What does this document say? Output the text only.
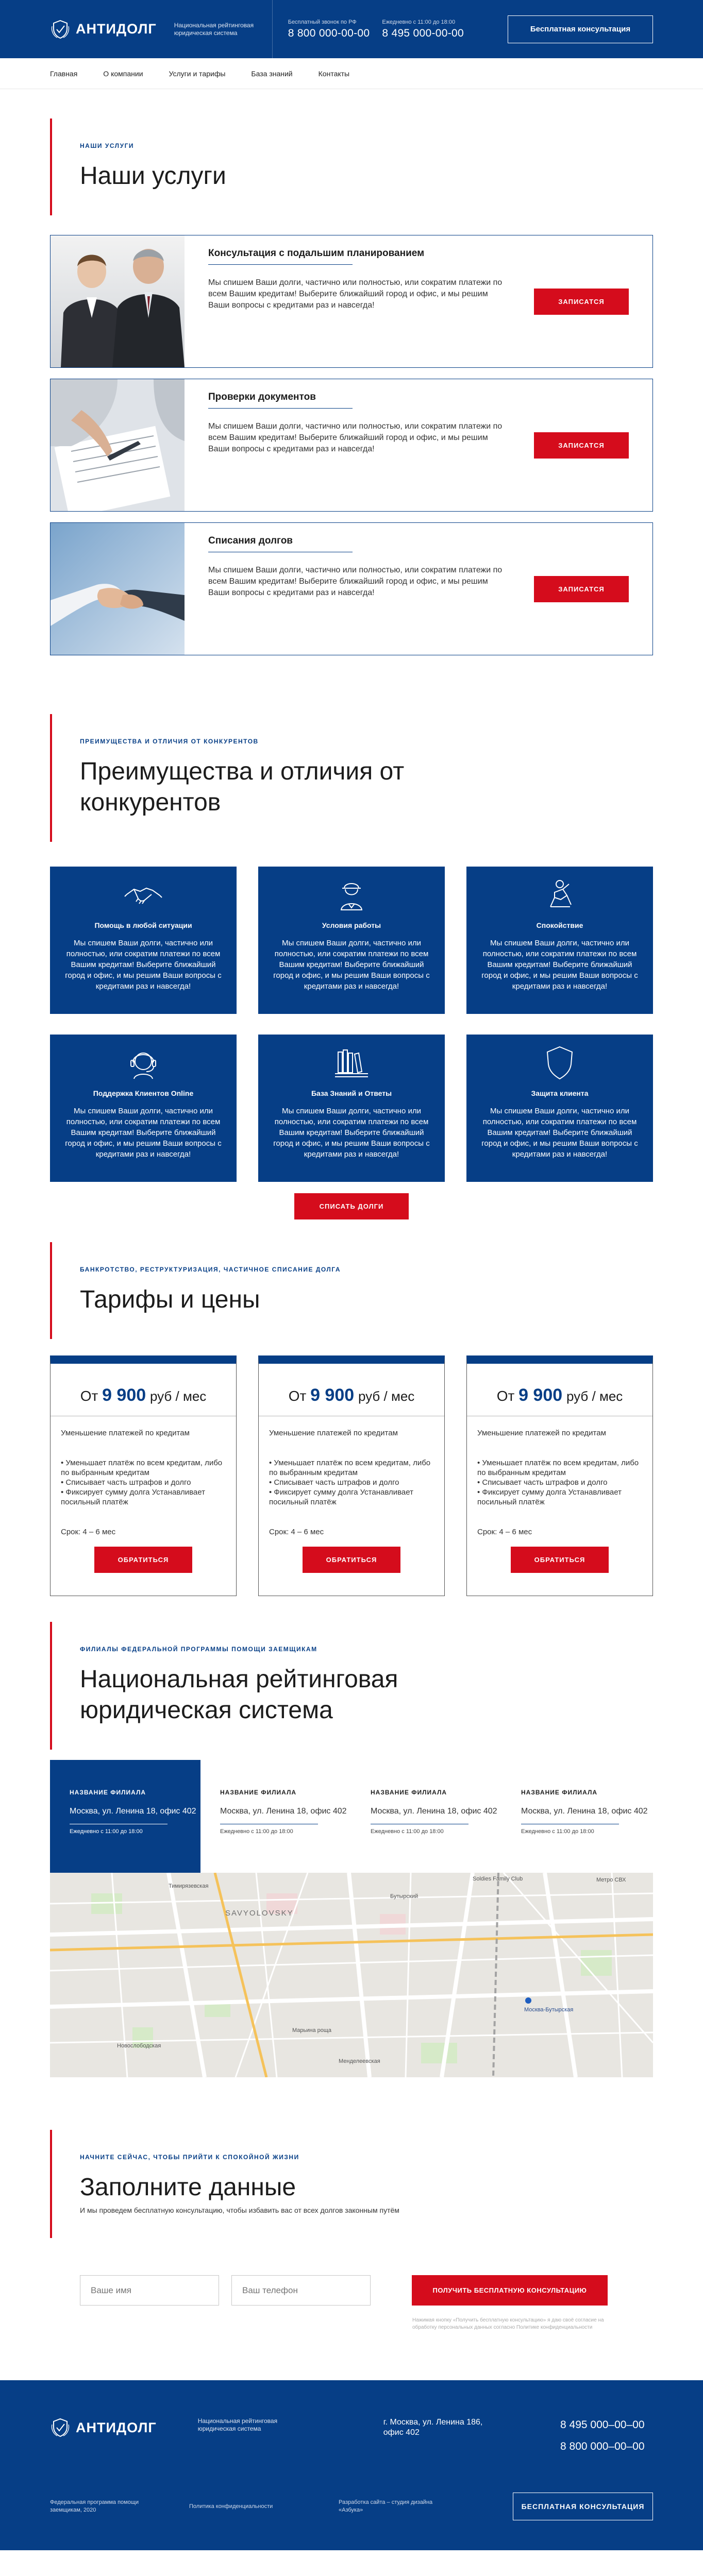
АНТИДОЛГ	Национальная рейтинговая юридическая система
Бесплатный звонок по РФ
8 800 000-00-00
Ежедневно с 11:00 до 18:00
8 495 000-00-00	Бесплатная консультация
Главная	О компании	Услуги и тарифы	База знаний	Контакты
НАШИ УСЛУГИ
Наши услуги
Консультация с подальшим планированием
Мы спишем Ваши долги, частично или полностью, или сократим платежи по всем Вашим кредитам! Выберите ближайший город и офис, и мы решим Ваши вопросы с кредитами раз и навсегда!	ЗАПИСАТСЯ
Проверки документов
Мы спишем Ваши долги, частично или полностью, или сократим платежи по всем Вашим кредитам! Выберите ближайший город и офис, и мы решим Ваши вопросы с кредитами раз и навсегда!	ЗАПИСАТСЯ
Списания долгов
Мы спишем Ваши долги, частично или полностью, или сократим платежи по всем Вашим кредитам! Выберите ближайший город и офис, и мы решим Ваши вопросы с кредитами раз и навсегда!	ЗАПИСАТСЯ
ПРЕИМУЩЕСТВА И ОТЛИЧИЯ ОТ КОНКУРЕНТОВ
Преимущества и отличия от конкурентов
Помощь в любой ситуации
Мы спишем Ваши долги, частично или полностью, или сократим платежи по всем Вашим кредитам! Выберите ближайший город и офис, и мы решим Ваши вопросы с кредитами раз и навсегда!
Условия работы
Мы спишем Ваши долги, частично или полностью, или сократим платежи по всем Вашим кредитам! Выберите ближайший город и офис, и мы решим Ваши вопросы с кредитами раз и навсегда!
Спокойствие
Мы спишем Ваши долги, частично или полностью, или сократим платежи по всем Вашим кредитам! Выберите ближайший город и офис, и мы решим Ваши вопросы с кредитами раз и навсегда!
Поддержка Клиентов Online
Мы спишем Ваши долги, частично или полностью, или сократим платежи по всем Вашим кредитам! Выберите ближайший город и офис, и мы решим Ваши вопросы с кредитами раз и навсегда!
База Знаний и Ответы
Мы спишем Ваши долги, частично или полностью, или сократим платежи по всем Вашим кредитам! Выберите ближайший город и офис, и мы решим Ваши вопросы с кредитами раз и навсегда!
Защита клиента
Мы спишем Ваши долги, частично или полностью, или сократим платежи по всем Вашим кредитам! Выберите ближайший город и офис, и мы решим Ваши вопросы с кредитами раз и навсегда!
СПИСАТЬ ДОЛГИ
БАНКРОТСТВО, РЕСТРУКТУРИЗАЦИЯ, ЧАСТИЧНОЕ СПИСАНИЕ ДОЛГА
Тарифы и цены
От 9 900 руб / мес
Уменьшение платежей по кредитам
• Уменьшает платёж по всем кредитам, либо по выбранным кредитам
• Списывает часть штрафов и долго
• Фиксирует сумму долга Устанавливает посильный платёж
Срок: 4 – 6 мес
ОБРАТИТЬСЯ
От 9 900 руб / мес
Уменьшение платежей по кредитам
• Уменьшает платёж по всем кредитам, либо по выбранным кредитам
• Списывает часть штрафов и долго
• Фиксирует сумму долга Устанавливает посильный платёж
Срок: 4 – 6 мес
ОБРАТИТЬСЯ
От 9 900 руб / мес
Уменьшение платежей по кредитам
• Уменьшает платёж по всем кредитам, либо по выбранным кредитам
• Списывает часть штрафов и долго
• Фиксирует сумму долга Устанавливает посильный платёж
Срок: 4 – 6 мес
ОБРАТИТЬСЯ
ФИЛИАЛЫ ФЕДЕРАЛЬНОЙ ПРОГРАММЫ ПОМОЩИ ЗАЕМЩИКАМ
Национальная рейтинговая юридическая система
НАЗВАНИЕ ФИЛИАЛА
Москва, ул. Ленина 18, офис 402
Ежедневно с 11:00 до 18:00
НАЗВАНИЕ ФИЛИАЛА
Москва, ул. Ленина 18, офис 402
Ежедневно с 11:00 до 18:00
НАЗВАНИЕ ФИЛИАЛА
Москва, ул. Ленина 18, офис 402
Ежедневно с 11:00 до 18:00
НАЗВАНИЕ ФИЛИАЛА
Москва, ул. Ленина 18, офис 402
Ежедневно с 11:00 до 18:00
SAVYOLOVSKY
Бутырский
Марьина роща
Москва-Бутырская
Soldies Family Club	Метро СВХ
Тимирязевская
Новослободская
Менделеевская
НАЧНИТЕ СЕЙЧАС, ЧТОБЫ ПРИЙТИ К СПОКОЙНОЙ ЖИЗНИ
Заполните данные
И мы проведем бесплатную консультацию, чтобы избавить вас от всех долгов законным путём
Ваше имя
Ваш телефон
ПОЛУЧИТЬ БЕСПЛАТНУЮ КОНСУЛЬТАЦИЮ
Нажимая кнопку «Получить бесплатную консультацию» я даю своё согласие на обработку персональных данных согласно Политике конфиденциальности
АНТИДОЛГ	Национальная рейтинговая юридическая система
г. Москва, ул. Ленина 186, офис 402
8 495 000–00–00
8 800 000–00–00
Федеральная программа помощи заемщикам, 2020
Политика конфиденциальности
Разработка сайта – студия дизайна «Азбука»	БЕСПЛАТНАЯ КОНСУЛЬТАЦИЯ
